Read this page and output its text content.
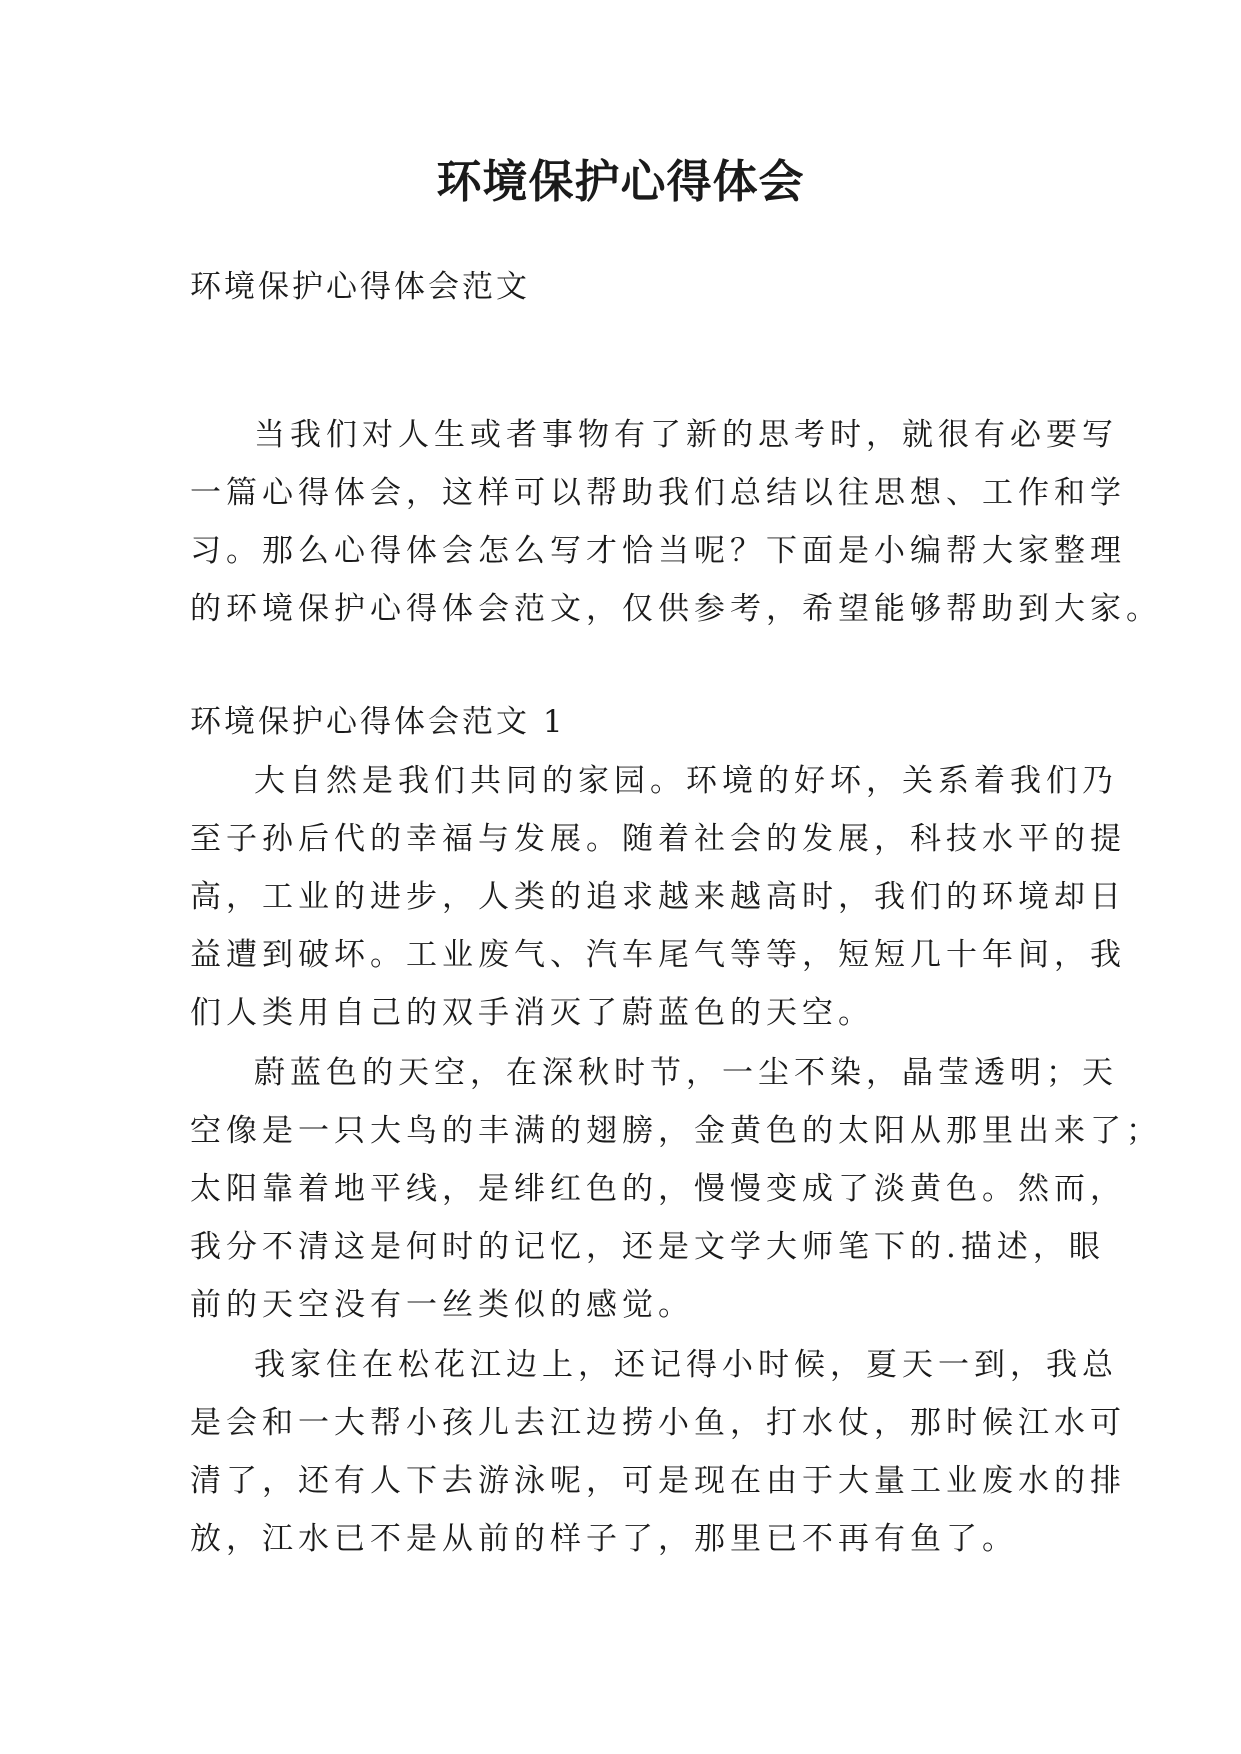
环境保护心得体会

环境保护心得体会范文

当我们对人生或者事物有了新的思考时，就很有必要写
一篇心得体会，这样可以帮助我们总结以往思想、工作和学
习。那么心得体会怎么写才恰当呢？下面是小编帮大家整理
的环境保护心得体会范文，仅供参考，希望能够帮助到大家。

环境保护心得体会范文 1

大自然是我们共同的家园。环境的好坏，关系着我们乃
至子孙后代的幸福与发展。随着社会的发展，科技水平的提
高，工业的进步，人类的追求越来越高时，我们的环境却日
益遭到破坏。工业废气、汽车尾气等等，短短几十年间，我
们人类用自己的双手消灭了蔚蓝色的天空。
蔚蓝色的天空，在深秋时节，一尘不染，晶莹透明；天
空像是一只大鸟的丰满的翅膀，金黄色的太阳从那里出来了；
太阳靠着地平线，是绯红色的，慢慢变成了淡黄色。然而，
我分不清这是何时的记忆，还是文学大师笔下的.描述，眼
前的天空没有一丝类似的感觉。
我家住在松花江边上，还记得小时候，夏天一到，我总
是会和一大帮小孩儿去江边捞小鱼，打水仗，那时候江水可
清了，还有人下去游泳呢，可是现在由于大量工业废水的排
放，江水已不是从前的样子了，那里已不再有鱼了。
